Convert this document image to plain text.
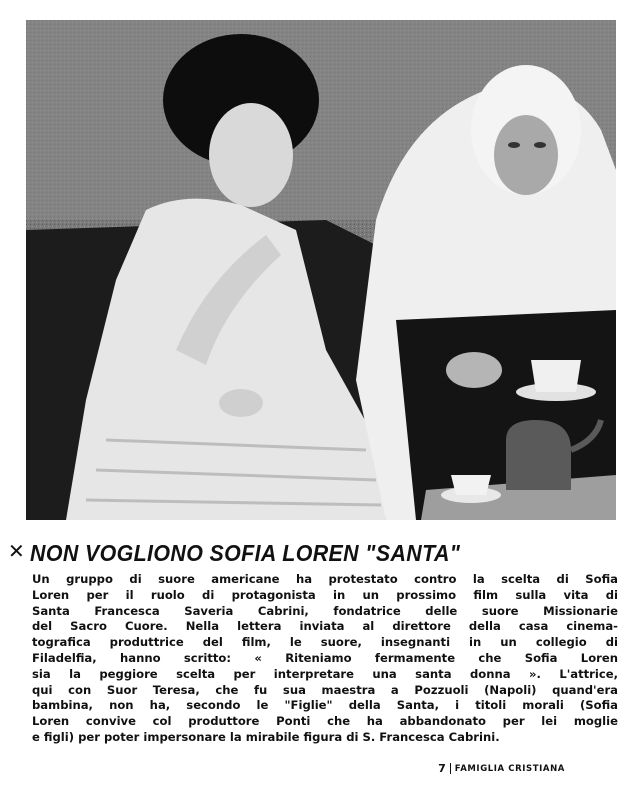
✕ NON VOGLIONO SOFIA LOREN "SANTA"
Un gruppo di suore americane ha protestato contro la scelta di Sofia
Loren per il ruolo di protagonista in un prossimo film sulla vita di
Santa Francesca Saveria Cabrini, fondatrice delle suore Missionarie
del Sacro Cuore. Nella lettera inviata al direttore della casa cinema-
tografica produttrice del film, le suore, insegnanti in un collegio di
Filadelfia, hanno scritto: « Riteniamo fermamente che Sofia Loren
sia la peggiore scelta per interpretare una santa donna ». L'attrice,
qui con Suor Teresa, che fu sua maestra a Pozzuoli (Napoli) quand'era
bambina, non ha, secondo le "Figlie" della Santa, i titoli morali (Sofia
Loren convive col produttore Ponti che ha abbandonato per lei moglie
e figli) per poter impersonare la mirabile figura di S. Francesca Cabrini.
7 FAMIGLIA CRISTIANA
